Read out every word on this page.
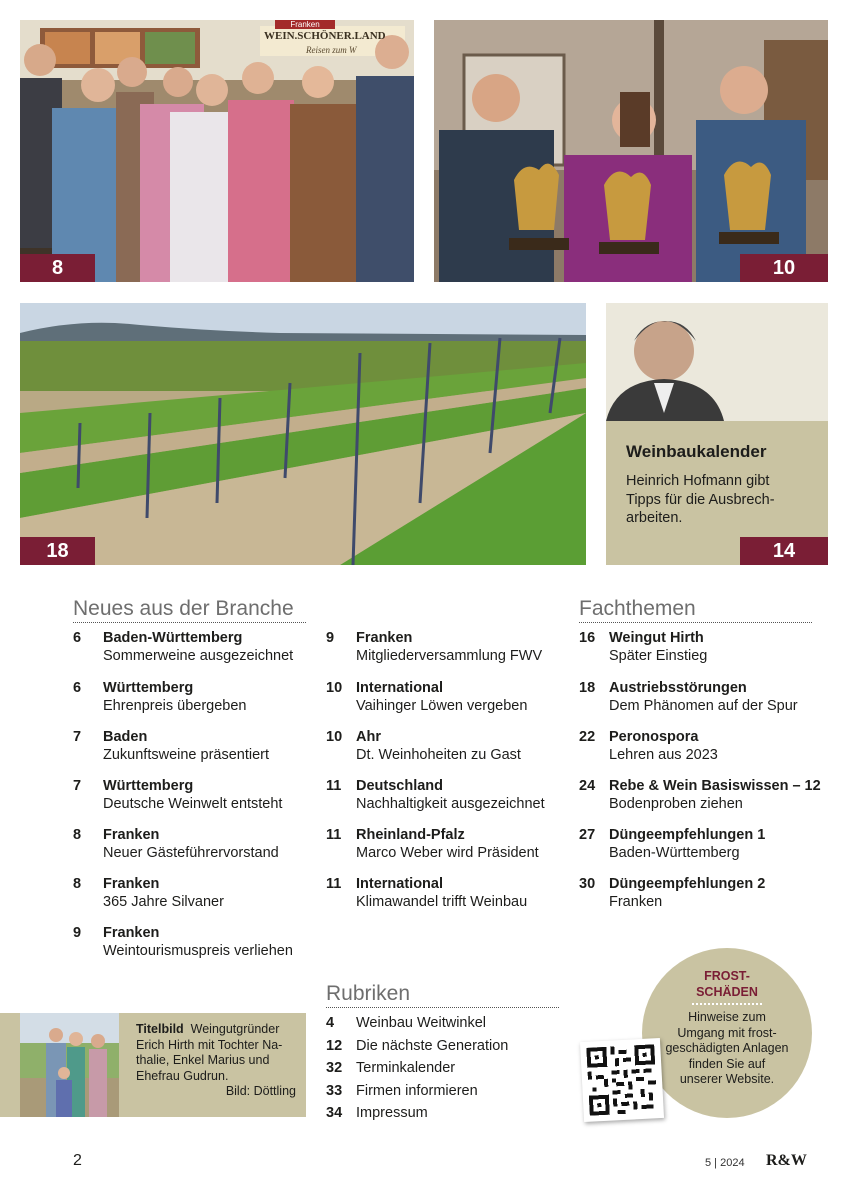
Franken
WEIN.SCHÖNER.LAND
Reisen zum W
8	10
18
Weinbaukalender
Heinrich Hofmann gibt
Tipps für die Ausbrech-
arbeiten.
14
Neues aus der Branche	Fachthemen
Rubriken
6 Baden-Württemberg
Sommerweine ausgezeichnet
6 Württemberg
Ehrenpreis übergeben
7 Baden
Zukunftsweine präsentiert
7 Württemberg
Deutsche Weinwelt entsteht
8 Franken
Neuer Gästeführervorstand
8 Franken
365 Jahre Silvaner
9 Franken
Weintourismuspreis verliehen
9 Franken
Mitgliederversammlung FWV
10 International
Vaihinger Löwen vergeben
10 Ahr
Dt. Weinhoheiten zu Gast
11 Deutschland
Nachhaltigkeit ausgezeichnet
11 Rheinland-Pfalz
Marco Weber wird Präsident
11 International
Klimawandel trifft Weinbau
16 Weingut Hirth
Später Einstieg
18 Austriebsstörungen
Dem Phänomen auf der Spur
22 Peronospora
Lehren aus 2023
24 Rebe & Wein Basiswissen – 12
Bodenproben ziehen
27 Düngeempfehlungen 1
Baden-Württemberg
30 Düngeempfehlungen 2
Franken
4 Weinbau Weitwinkel
12 Die nächste Generation
32 Terminkalender
33 Firmen informieren
34 Impressum
Titelbild Weingutgründer
Erich Hirth mit Tochter Na-
thalie, Enkel Marius und
Ehefrau Gudrun.
Bild: Döttling
FROST-
SCHÄDEN
Hinweise zum
Umgang mit frost-
geschädigten Anlagen
finden Sie auf
unserer Website.
2	5 | 2024 R&W
